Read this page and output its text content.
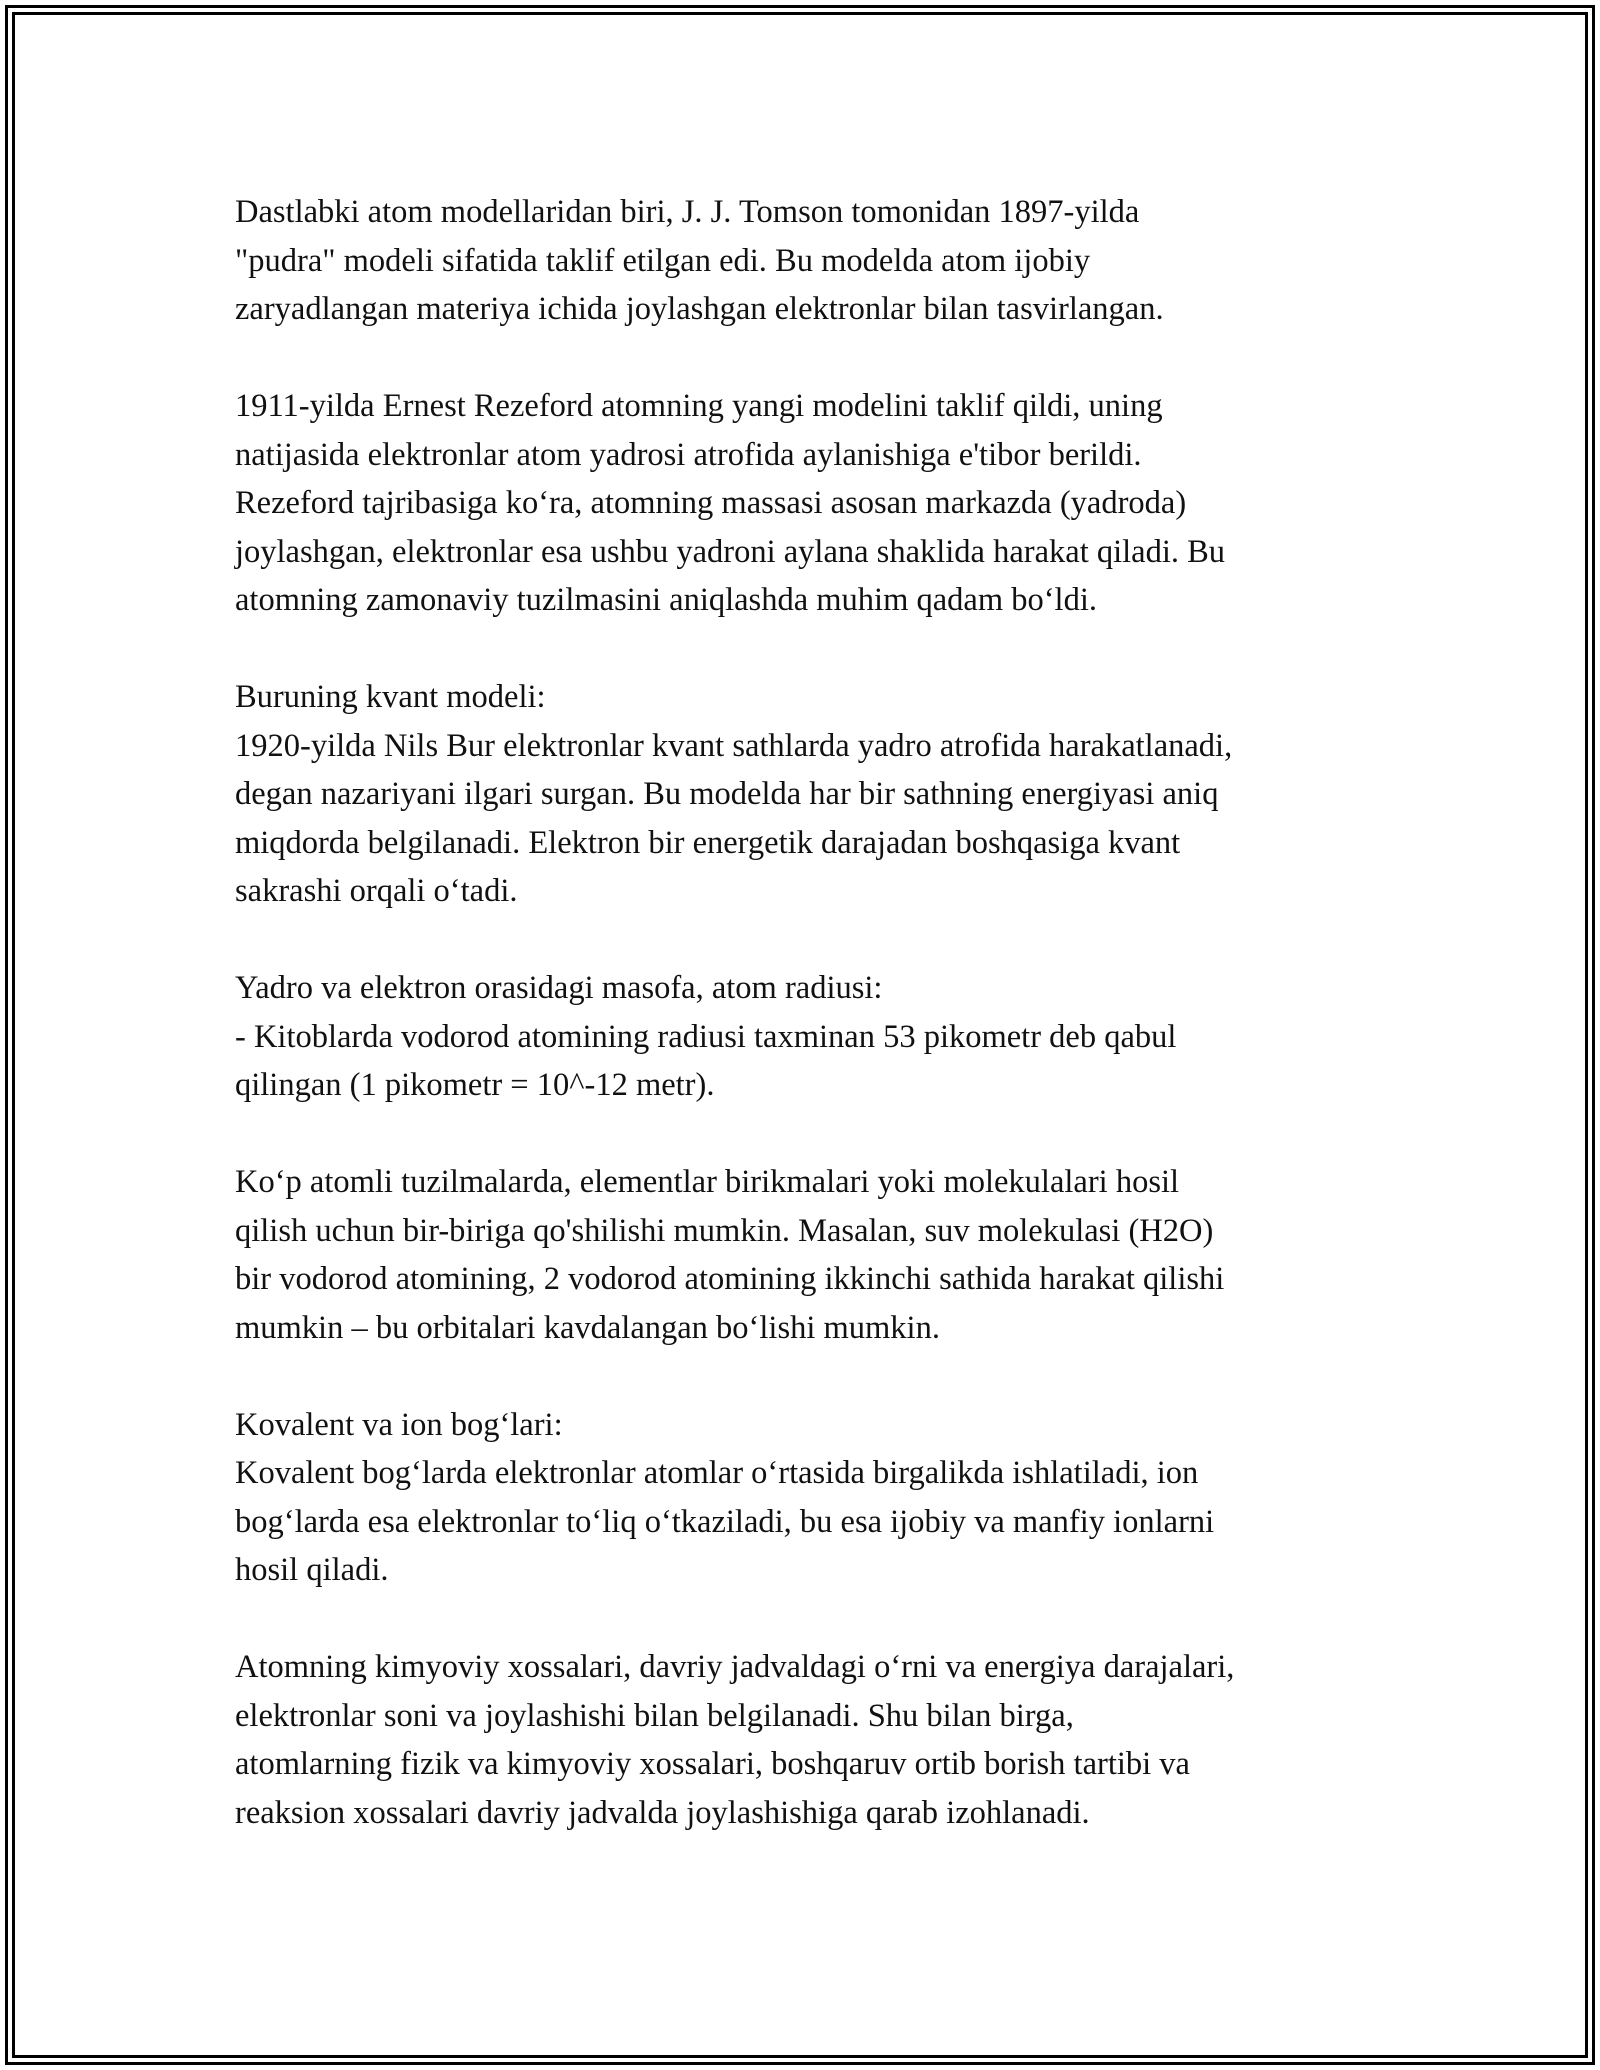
Dastlabki atom modellaridan biri, J. J. Tomson tomonidan 1897-yilda
"pudra" modeli sifatida taklif etilgan edi. Bu modelda atom ijobiy
zaryadlangan materiya ichida joylashgan elektronlar bilan tasvirlangan.

1911-yilda Ernest Rezeford atomning yangi modelini taklif qildi, uning
natijasida elektronlar atom yadrosi atrofida aylanishiga e'tibor berildi.
Rezeford tajribasiga ko‘ra, atomning massasi asosan markazda (yadroda)
joylashgan, elektronlar esa ushbu yadroni aylana shaklida harakat qiladi. Bu
atomning zamonaviy tuzilmasini aniqlashda muhim qadam bo‘ldi.

Buruning kvant modeli:
1920-yilda Nils Bur elektronlar kvant sathlarda yadro atrofida harakatlanadi,
degan nazariyani ilgari surgan. Bu modelda har bir sathning energiyasi aniq
miqdorda belgilanadi. Elektron bir energetik darajadan boshqasiga kvant
sakrashi orqali o‘tadi.

Yadro va elektron orasidagi masofa, atom radiusi:
- Kitoblarda vodorod atomining radiusi taxminan 53 pikometr deb qabul
qilingan (1 pikometr = 10^-12 metr).

Ko‘p atomli tuzilmalarda, elementlar birikmalari yoki molekulalari hosil
qilish uchun bir-biriga qo'shilishi mumkin. Masalan, suv molekulasi (H2O)
bir vodorod atomining, 2 vodorod atomining ikkinchi sathida harakat qilishi
mumkin – bu orbitalari kavdalangan bo‘lishi mumkin.

Kovalent va ion bog‘lari:
Kovalent bog‘larda elektronlar atomlar o‘rtasida birgalikda ishlatiladi, ion
bog‘larda esa elektronlar to‘liq o‘tkaziladi, bu esa ijobiy va manfiy ionlarni
hosil qiladi.

Atomning kimyoviy xossalari, davriy jadvaldagi o‘rni va energiya darajalari,
elektronlar soni va joylashishi bilan belgilanadi. Shu bilan birga,
atomlarning fizik va kimyoviy xossalari, boshqaruv ortib borish tartibi va
reaksion xossalari davriy jadvalda joylashishiga qarab izohlanadi.
